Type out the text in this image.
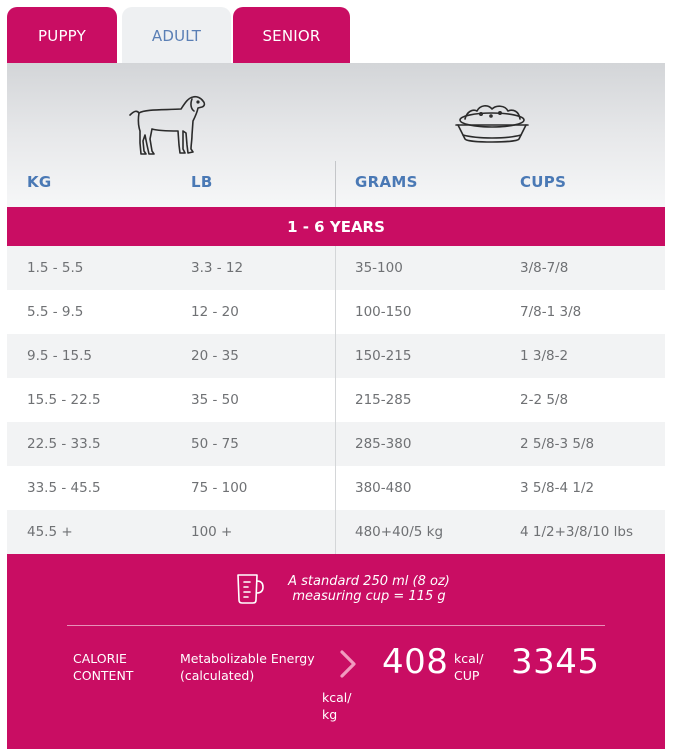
PUPPY	ADULT	SENIOR
KG	LB	GRAMS	CUPS
1 - 6 YEARS
1.5 - 5.5	3.3 - 12	35-100	3/8-7/8
5.5 - 9.5	12 - 20	100-150	7/8-1 3/8
9.5 - 15.5	20 - 35	150-215	1 3/8-2
15.5 - 22.5	35 - 50	215-285	2-2 5/8
22.5 - 33.5	50 - 75	285-380	2 5/8-3 5/8
33.5 - 45.5	75 - 100	380-480	3 5/8-4 1/2
45.5 +	100 +	480+40/5 kg	4 1/2+3/8/10 lbs
A standard 250 ml (8 oz)
measuring cup = 115 g
CALORIE
CONTENT
Metabolizable Energy
(calculated)	408 kcal/
CUP 3345
kcal/
kg
